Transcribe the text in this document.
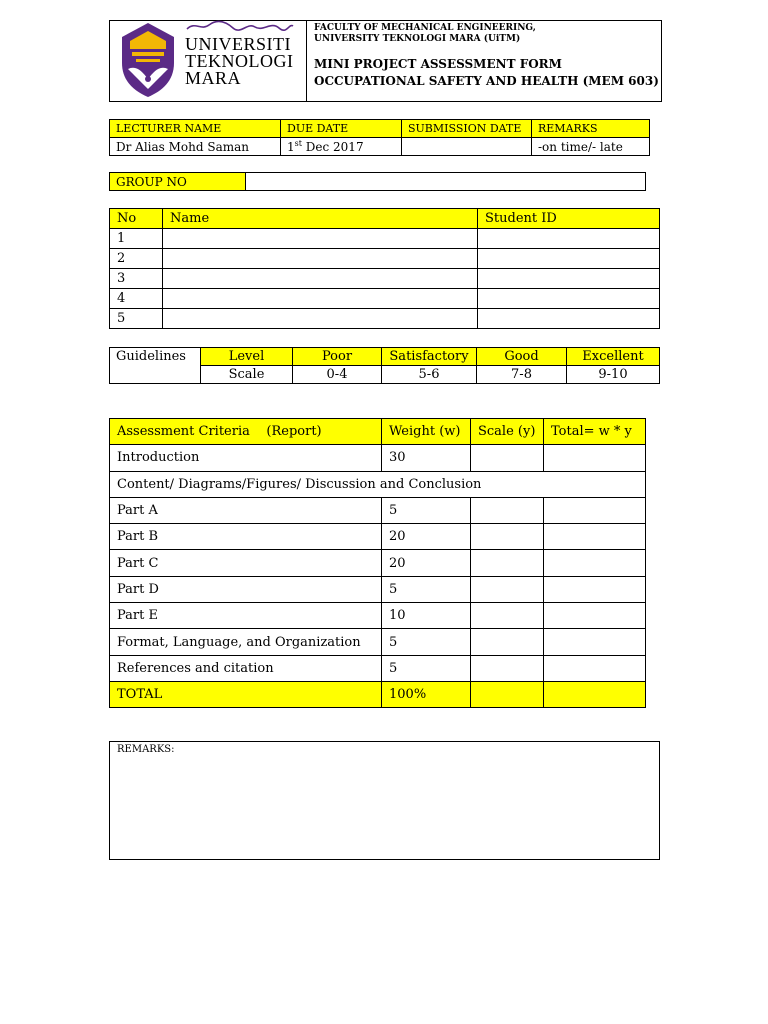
UNIVERSITI
TEKNOLOGI
MARA
FACULTY OF MECHANICAL ENGINEERING,
UNIVERSITY TEKNOLOGI MARA (UiTM)
MINI PROJECT ASSESSMENT FORM
OCCUPATIONAL SAFETY AND HEALTH (MEM 603)
LECTURER NAME	DUE DATE	SUBMISSION DATE	REMARKS
Dr Alias Mohd Saman	1st Dec 2017		-on time/- late
GROUP NO	
No	Name	Student ID
1		
2		
3		
4		
5		
Guidelines	Level	Poor	Satisfactory	Good	Excellent
	Scale	0-4	5-6	7-8	9-10
Assessment Criteria    (Report)	Weight (w)	Scale (y)	Total= w * y
Introduction	30		
Content/ Diagrams/Figures/ Discussion and Conclusion			
Part A	5		
Part B	20		
Part C	20		
Part D	5		
Part E	10		
Format, Language, and Organization	5		
References and citation	5		
TOTAL	100%		
REMARKS:
